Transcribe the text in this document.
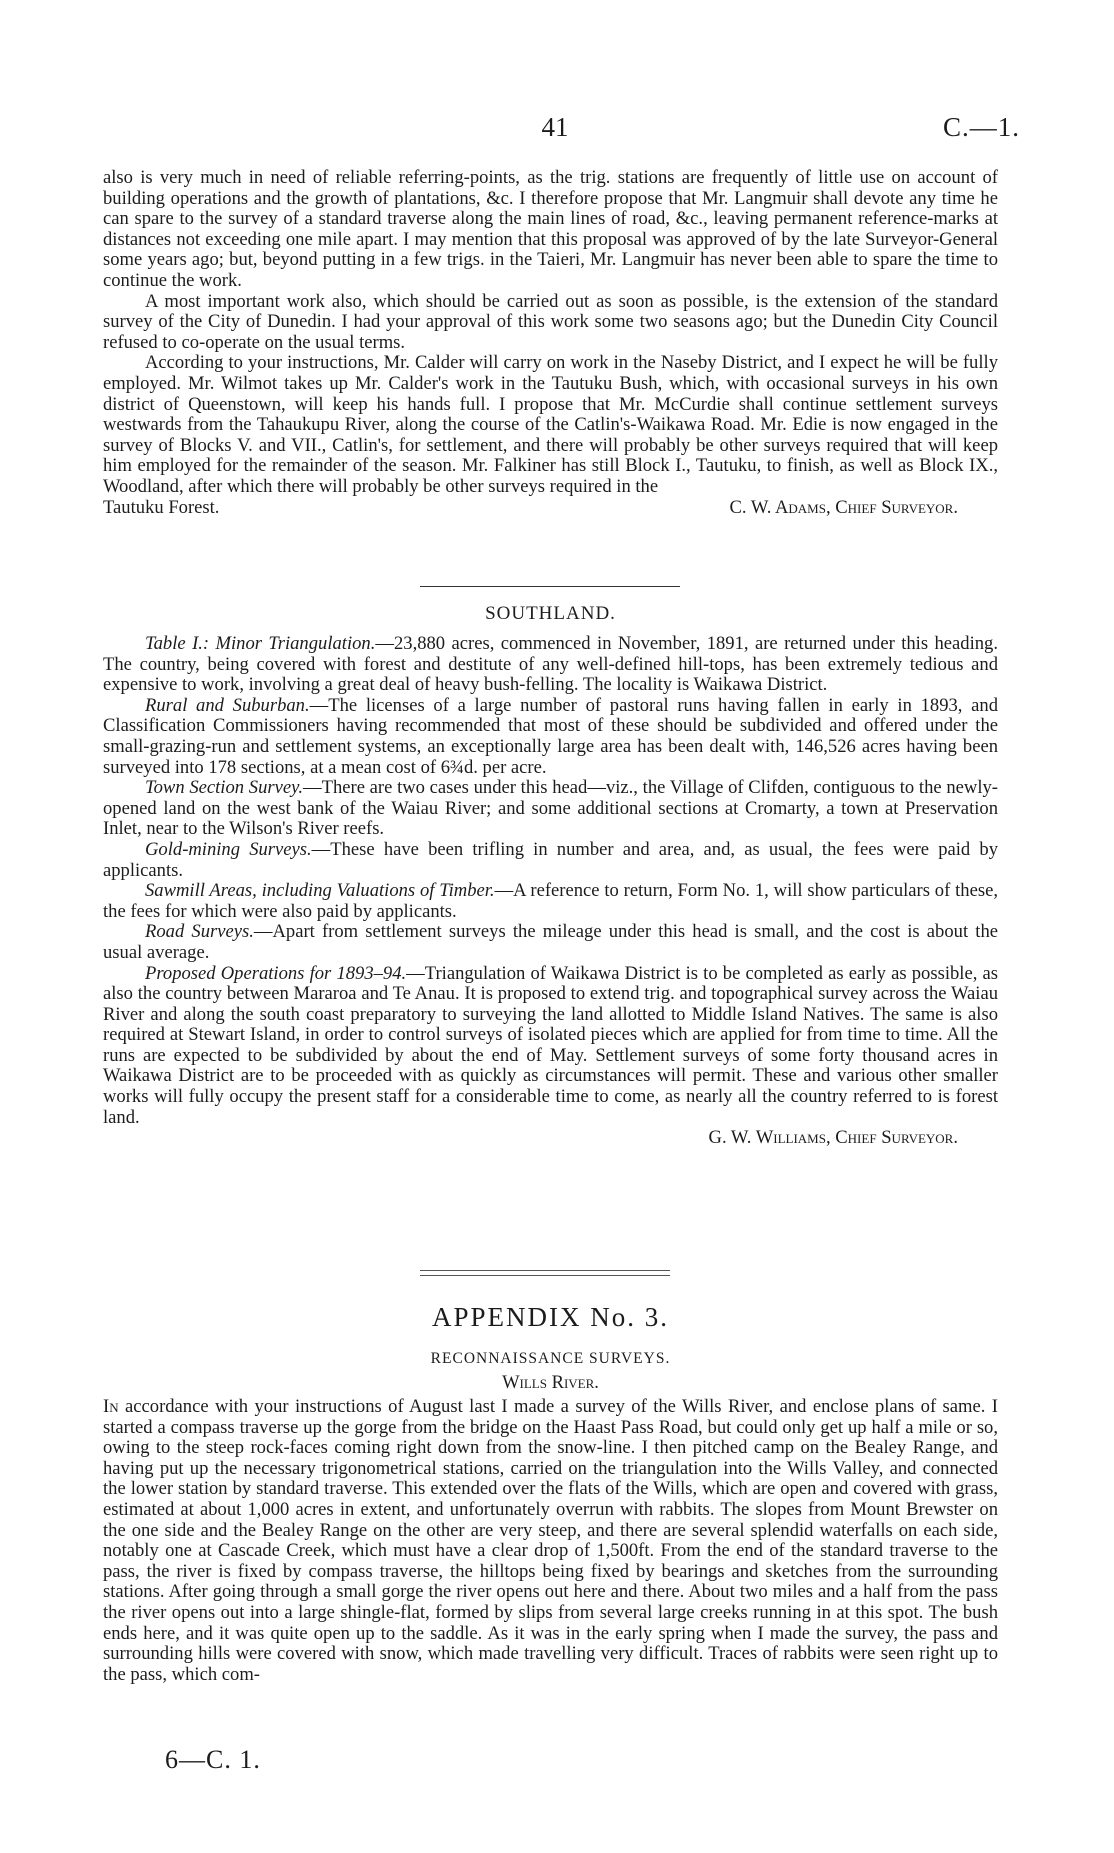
41	C.—1.

also is very much in need of reliable referring-points, as the trig. stations are frequently of little use on account of building operations and the growth of plantations, &c. I therefore propose that Mr. Langmuir shall devote any time he can spare to the survey of a standard traverse along the main lines of road, &c., leaving permanent reference-marks at distances not exceeding one mile apart. I may mention that this proposal was approved of by the late Surveyor-General some years ago; but, beyond putting in a few trigs. in the Taieri, Mr. Langmuir has never been able to spare the time to continue the work.

A most important work also, which should be carried out as soon as possible, is the extension of the standard survey of the City of Dunedin. I had your approval of this work some two seasons ago; but the Dunedin City Council refused to co-operate on the usual terms.

According to your instructions, Mr. Calder will carry on work in the Naseby District, and I expect he will be fully employed. Mr. Wilmot takes up Mr. Calder's work in the Tautuku Bush, which, with occasional surveys in his own district of Queenstown, will keep his hands full. I propose that Mr. McCurdie shall continue settlement surveys westwards from the Tahaukupu River, along the course of the Catlin's-Waikawa Road. Mr. Edie is now engaged in the survey of Blocks V. and VII., Catlin's, for settlement, and there will probably be other surveys required that will keep him employed for the remainder of the season. Mr. Falkiner has still Block I., Tautuku, to finish, as well as Block IX., Woodland, after which there will probably be other surveys required in the

Tautuku Forest.	C. W. Adams, Chief Surveyor.
SOUTHLAND.

Table I.: Minor Triangulation.—23,880 acres, commenced in November, 1891, are returned under this heading. The country, being covered with forest and destitute of any well-defined hill-tops, has been extremely tedious and expensive to work, involving a great deal of heavy bush-felling. The locality is Waikawa District.

Rural and Suburban.—The licenses of a large number of pastoral runs having fallen in early in 1893, and Classification Commissioners having recommended that most of these should be subdivided and offered under the small-grazing-run and settlement systems, an exceptionally large area has been dealt with, 146,526 acres having been surveyed into 178 sections, at a mean cost of 6¾d. per acre.

Town Section Survey.—There are two cases under this head—viz., the Village of Clifden, contiguous to the newly-opened land on the west bank of the Waiau River; and some additional sections at Cromarty, a town at Preservation Inlet, near to the Wilson's River reefs.

Gold-mining Surveys.—These have been trifling in number and area, and, as usual, the fees were paid by applicants.

Sawmill Areas, including Valuations of Timber.—A reference to return, Form No. 1, will show particulars of these, the fees for which were also paid by applicants.

Road Surveys.—Apart from settlement surveys the mileage under this head is small, and the cost is about the usual average.

Proposed Operations for 1893–94.—Triangulation of Waikawa District is to be completed as early as possible, as also the country between Mararoa and Te Anau. It is proposed to extend trig. and topographical survey across the Waiau River and along the south coast preparatory to surveying the land allotted to Middle Island Natives. The same is also required at Stewart Island, in order to control surveys of isolated pieces which are applied for from time to time. All the runs are expected to be subdivided by about the end of May. Settlement surveys of some forty thousand acres in Waikawa District are to be proceeded with as quickly as circumstances will permit. These and various other smaller works will fully occupy the present staff for a considerable time to come, as nearly all the country referred to is forest land.

G. W. Williams, Chief Surveyor.

APPENDIX No. 3.
RECONNAISSANCE SURVEYS.
Wills River.

In accordance with your instructions of August last I made a survey of the Wills River, and enclose plans of same. I started a compass traverse up the gorge from the bridge on the Haast Pass Road, but could only get up half a mile or so, owing to the steep rock-faces coming right down from the snow-line. I then pitched camp on the Bealey Range, and having put up the necessary trigonometrical stations, carried on the triangulation into the Wills Valley, and connected the lower station by standard traverse. This extended over the flats of the Wills, which are open and covered with grass, estimated at about 1,000 acres in extent, and unfortunately overrun with rabbits. The slopes from Mount Brewster on the one side and the Bealey Range on the other are very steep, and there are several splendid waterfalls on each side, notably one at Cascade Creek, which must have a clear drop of 1,500ft. From the end of the standard traverse to the pass, the river is fixed by compass traverse, the hilltops being fixed by bearings and sketches from the surrounding stations. After going through a small gorge the river opens out here and there. About two miles and a half from the pass the river opens out into a large shingle-flat, formed by slips from several large creeks running in at this spot. The bush ends here, and it was quite open up to the saddle. As it was in the early spring when I made the survey, the pass and surrounding hills were covered with snow, which made travelling very difficult. Traces of rabbits were seen right up to the pass, which com-

6—C. 1.
